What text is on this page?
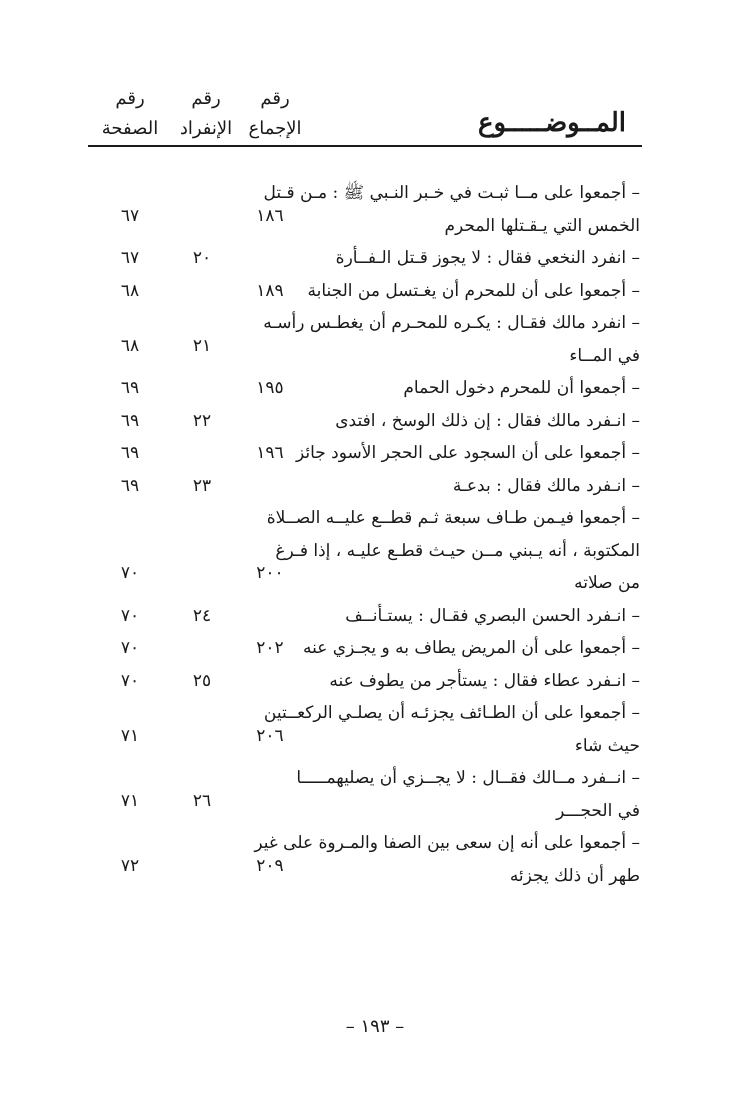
رقم
الإجماع
رقم
الإنفراد
رقم
الصفحة	المــوضـــــوع
– أجمعوا على مــا ثبـت في خـبر النـبي ﷺ : مـن قـتل
الخمس التي يـقـتلها المحرم
١٨٦
٦٧
– انفرد النخعي فقال : لا يجوز قـتل الـفــأرة
٢٠
٦٧
– أجمعوا على أن للمحرم أن يغـتسل من الجنابة
١٨٩
٦٨
– انفرد مالك فقـال : يكـره للمحـرم أن يغطـس رأسـه
في المــاء
٢١
٦٨
– أجمعوا أن للمحرم دخول الحمام
١٩٥
٦٩
– انـفرد مالك فقال : إن ذلك الوسخ ، افتدى
٢٢
٦٩
– أجمعوا على أن السجود على الحجر الأسود جائز
١٩٦
٦٩
– انـفرد مالك فقال : بدعـة
٢٣
٦٩
– أجمعوا فيـمن طـاف سبعة ثـم قطــع عليــه الصــلاة
المكتوبة ، أنه يـبني مــن حيـث قطـع عليـه ، إذا فـرغ
من صلاته
٢٠٠
٧٠
– انـفرد الحسن البصري فقـال : يستـأنــف
٢٤
٧٠
– أجمعوا على أن المريض يطاف به و يجـزي عنه
٢٠٢
٧٠
– انـفرد عطاء فقال : يستأجر من يطوف عنه
٢٥
٧٠
– أجمعوا على أن الطـائف يجزئـه أن يصلـي الركعــتين
حيث شاء
٢٠٦
٧١
– انــفرد مــالك فقــال : لا يجــزي أن يصليهمـــــا
في الحجـــر
٢٦
٧١
– أجمعوا على أنه إن سعى بين الصفا والمـروة على غير
طهر أن ذلك يجزئه
٢٠٩
٧٢
– ١٩٣ –
